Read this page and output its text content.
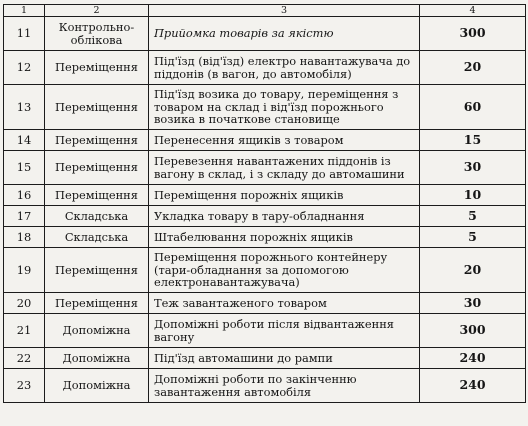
1	2	3	4
11	Контрольно-облікова	Прийомка товарів за якістю	300
12	Переміщення	Під'їзд (від'їзд) електро навантажувача до піддонів (в вагон, до автомобіля)	20
13	Переміщення	Під'їзд возика до товару, переміщення з товаром на склад і від'їзд порожнього возика в початкове становище	60
14	Переміщення	Перенесення ящиків з товаром	15
15	Переміщення	Перевезення навантажених піддонів із вагону в склад, і з складу до автомашини	30
16	Переміщення	Переміщення порожніх ящиків	10
17	Складська	Укладка товару в тару-обладнання	5
18	Складська	Штабелювання порожніх ящиків	5
19	Переміщення	Переміщення порожнього контейнеру (тари-обладнання за допомогою електронавантажувача)	20
20	Переміщення	Теж завантаженого товаром	30
21	Допоміжна	Допоміжні роботи після відвантаження вагону	300
22	Допоміжна	Під'їзд автомашини до рампи	240
23	Допоміжна	Допоміжні роботи по закінченню завантаження автомобіля	240
